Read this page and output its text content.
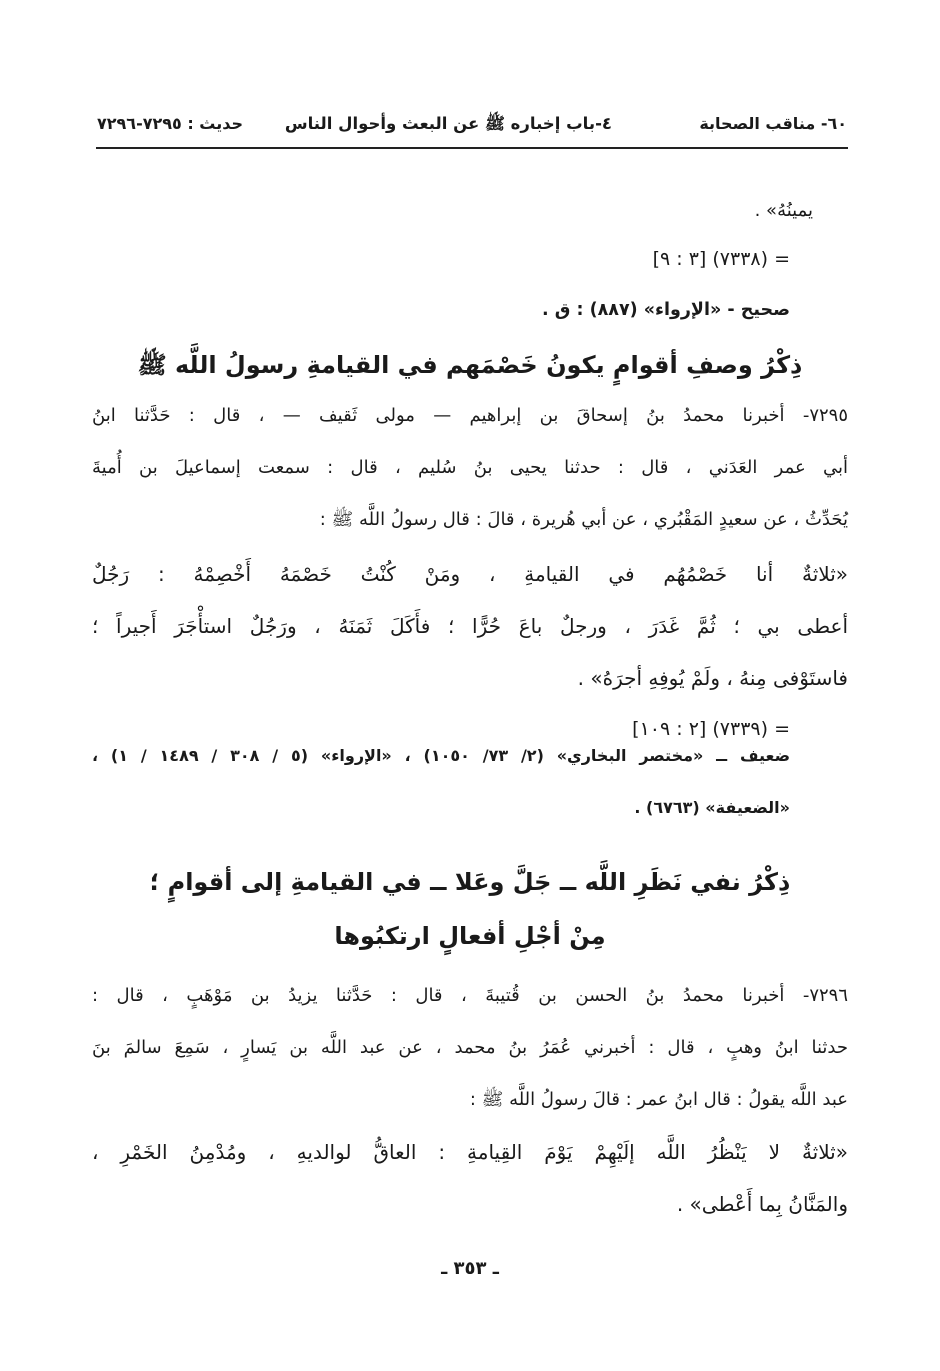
٦٠- مناقب الصحابة
٤-باب إخباره ﷺ عن البعث وأحوال الناس
حديث : ٧٢٩٥-٧٢٩٦
يمينُهُ» .
= (٧٣٣٨) [٣ : ٩]
صحيح - «الإرواء» (٨٨٧) : ق .
ذِكْرُ وصفِ أقوامٍ يكونُ خَصْمَهم في القيامةِ رسولُ اللَّه ﷺ
٧٢٩٥- أخبرنا محمدُ بنُ إسحاقَ بن إبراهيم — مولى ثَقيف — ، قال : حَدَّثنا ابنُ
أبي عمر العَدَني ، قال : حدثنا يحيى بنُ سُليم ، قال : سمعت إسماعيلَ بن أُميةَ
يُحَدِّثُ ، عن سعيدٍ المَقْبُري ، عن أبي هُريرة ، قالَ : قال رسولُ اللَّه ﷺ :
«ثلاثةٌ أنا خَصْمُهُم في القيامةِ ، ومَنْ كُنْتُ خَصْمَهُ أَخْصِمْهُ : رَجُلٌ
أعطى بي ؛ ثُمَّ غَدَرَ ، ورجلٌ باعَ حُرًّا ؛ فأَكَلَ ثَمَنَهُ ، ورَجُلٌ استأْجَرَ أَجيراً ؛
فاستَوْفى مِنهُ ، ولَمْ يُوفِهِ أجرَهُ» .
= (٧٣٣٩) [٢ : ١٠٩]
ضعيف ــ «مختصر البخاري» (٢/ ٧٣/ ١٠٥٠) ، «الإرواء» (٥ / ٣٠٨ / ١٤٨٩ / ١) ،
«الضعيفة» (٦٧٦٣) .
ذِكْرُ نفي نَظَرِ اللَّه ــ جَلَّ وعَلا ــ في القيامةِ إلى أقوامٍ ؛
مِنْ أجْلِ أفعالٍ ارتكبُوها
٧٢٩٦- أخبرنا محمدُ بنُ الحسن بن قُتيبةَ ، قال : حَدَّثنا يزيدُ بن مَوْهَبٍ ، قال :
حدثنا ابنُ وهبٍ ، قال : أخبرني عُمَرُ بنُ محمد ، عن عبد اللَّه بن يَسارٍ ، سَمِعَ سالمَ بنَ
عبد اللَّه يقولُ : قال ابنُ عمر : قالَ رسولُ اللَّه ﷺ :
«ثلاثةٌ لا يَنْظُرُ اللَّه إلَيْهِمْ يَوْمَ القِيامةِ : العاقُّ لوالديهِ ، ومُدْمِنُ الخَمْرِ ،
والمَنَّانُ بِما أَعْطى» .
ـ ٣٥٣ ـ
